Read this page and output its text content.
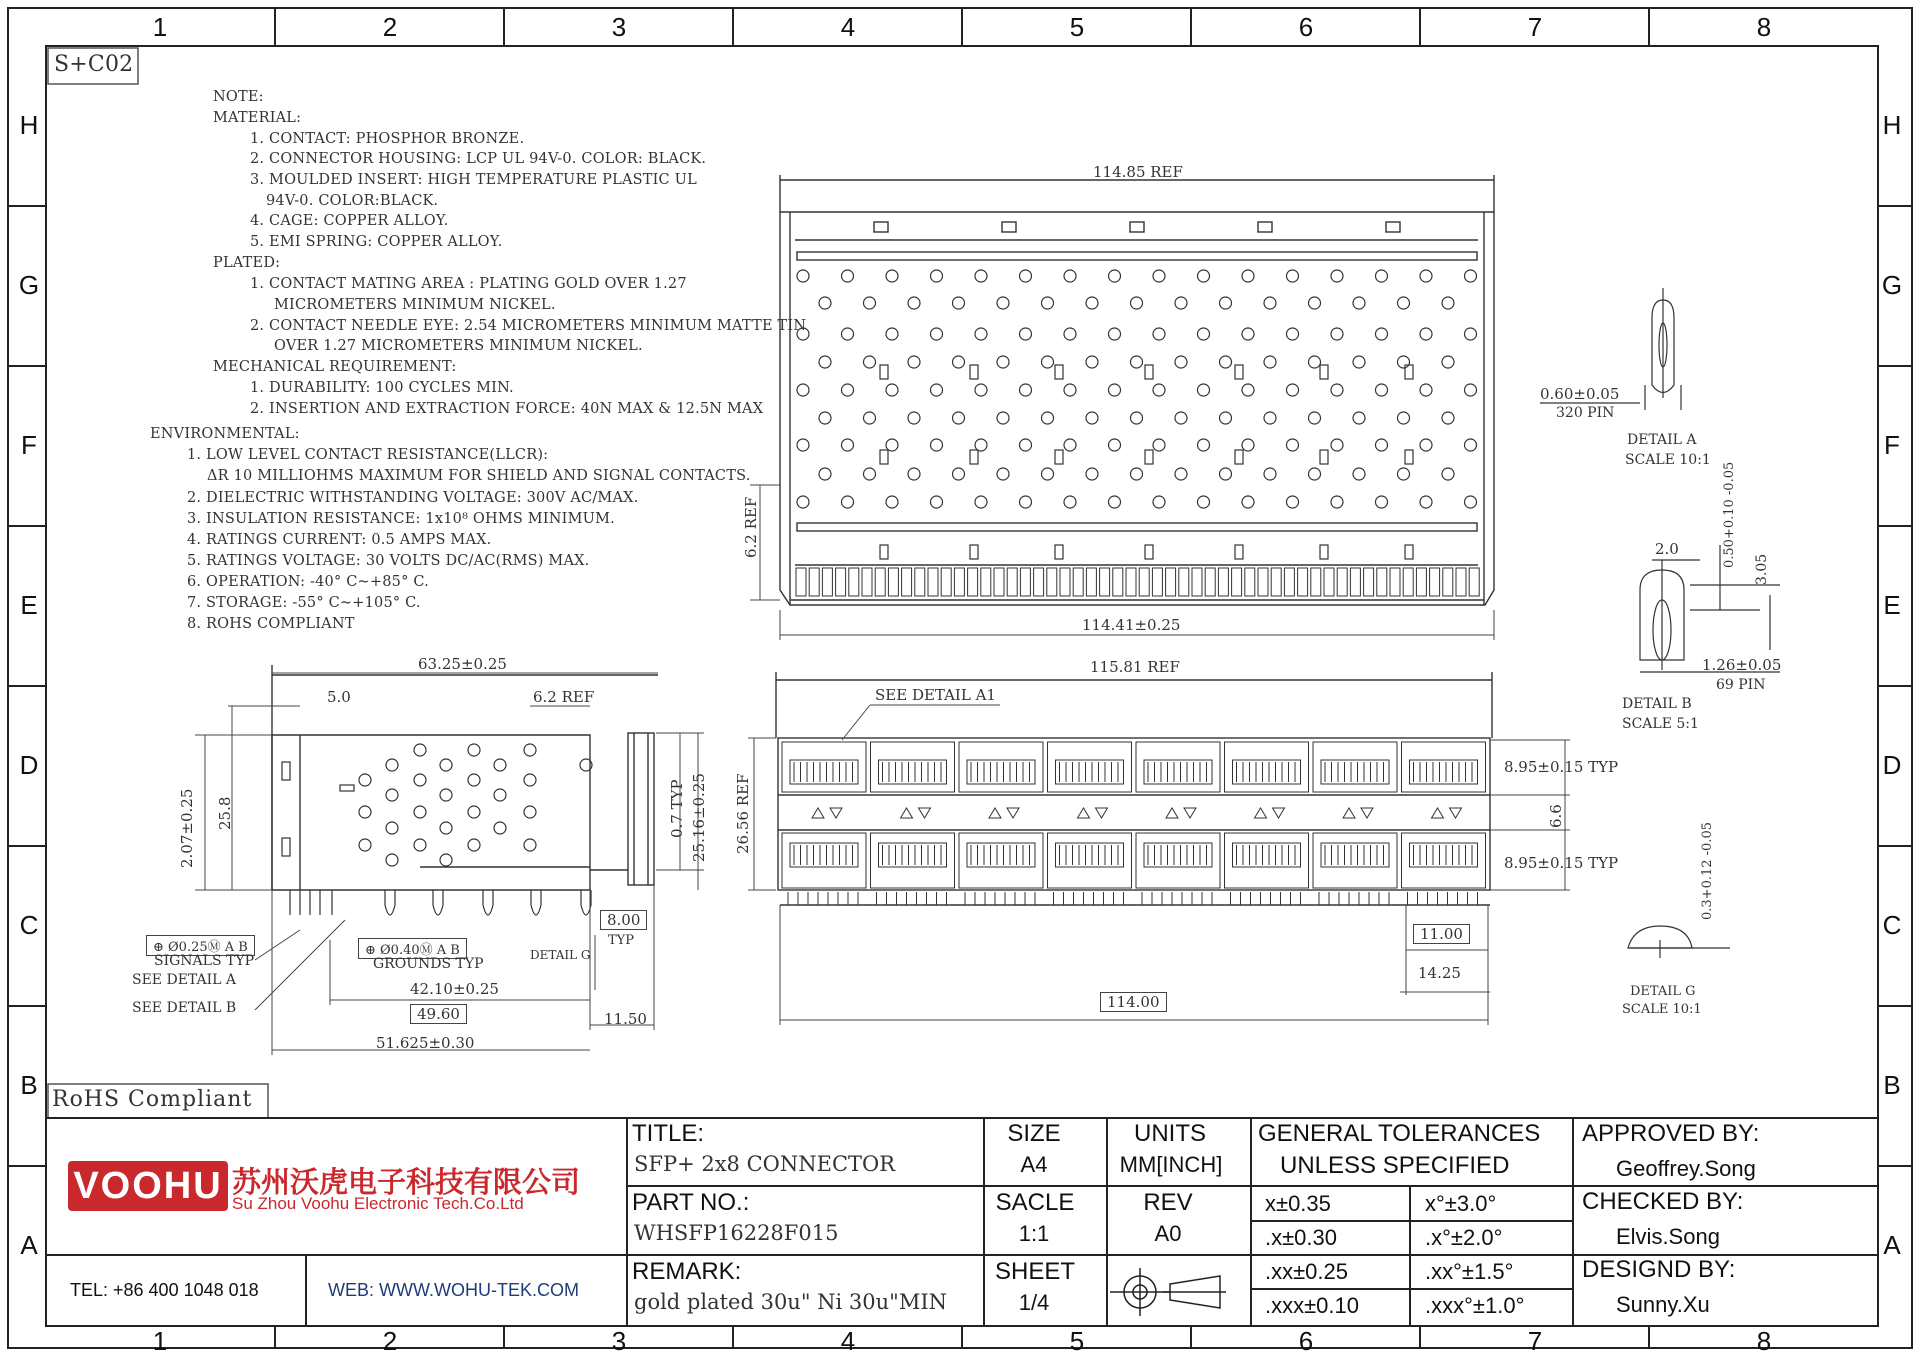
1	2	3	4	5	6	7	8
1	2	3	4	5	6	7	8
H
G
F
E
D
C
B
A
H
G
F
E
D
C
B
A
S+C02
RoHS Compliant
NOTE:
MATERIAL:
1. CONTACT: PHOSPHOR BRONZE.
2. CONNECTOR HOUSING: LCP UL 94V-0. COLOR: BLACK.
3. MOULDED INSERT: HIGH TEMPERATURE PLASTIC UL
94V-0. COLOR:BLACK.
4. CAGE: COPPER ALLOY.
5. EMI SPRING: COPPER ALLOY.
PLATED:
1. CONTACT MATING AREA : PLATING GOLD OVER 1.27
MICROMETERS MINIMUM NICKEL.
2. CONTACT NEEDLE EYE: 2.54 MICROMETERS MINIMUM MATTE TIN
OVER 1.27 MICROMETERS MINIMUM NICKEL.
MECHANICAL REQUIREMENT:
1. DURABILITY: 100 CYCLES MIN.
2. INSERTION AND EXTRACTION FORCE: 40N MAX & 12.5N MAX
ENVIRONMENTAL:
1. LOW LEVEL CONTACT RESISTANCE(LLCR):
ΔR 10 MILLIOHMS MAXIMUM FOR SHIELD AND SIGNAL CONTACTS.
2. DIELECTRIC WITHSTANDING VOLTAGE: 300V AC/MAX.
3. INSULATION RESISTANCE: 1x10⁸ OHMS MINIMUM.
4. RATINGS CURRENT: 0.5 AMPS MAX.
5. RATINGS VOLTAGE: 30 VOLTS DC/AC(RMS) MAX.
6. OPERATION: -40° C~+85° C.
7. STORAGE: -55° C~+105° C.
8. ROHS COMPLIANT
114.85 REF
114.41±0.25
6.2 REF
115.81 REF
SEE DETAIL A1
26.56 REF
8.95±0.15 TYP
6.6
8.95±0.15 TYP
11.00
14.25
114.00
63.25±0.25
5.0	6.2 REF
2.07±0.25 25.8	0.7 TYP 25.16±0.25
⊕ Ø0.25Ⓜ A B
SIGNALS TYP
⊕ Ø0.40Ⓜ A B
GROUNDS TYP
DETAIL G
8.00
TYP
SEE DETAIL A
SEE DETAIL B
42.10±0.25
49.60	11.50
51.625±0.30
0.60±0.05
320 PIN
DETAIL A
SCALE 10:1
2.0	0.50+0.10 -0.05
3.05
1.26±0.05
69 PIN
DETAIL B
SCALE 5:1
0.3+0.12 -0.05
DETAIL G
SCALE 10:1
VOOHU 苏州沃虎电子科技有限公司
Su Zhou Voohu Electronic Tech.Co.Ltd
TEL: +86 400 1048 018	WEB: WWW.WOHU-TEK.COM
TITLE:
SFP+ 2x8 CONNECTOR
PART NO.:
WHSFP16228F015
REMARK:
gold plated 30u" Ni 30u"MIN
SIZE
A4
UNITS
MM[INCH]
SACLE
1:1
REV
A0
SHEET
1/4
GENERAL TOLERANCES
UNLESS SPECIFIED
x±0.35	x°±3.0°
.x±0.30	.x°±2.0°
.xx±0.25	.xx°±1.5°
.xxx±0.10	.xxx°±1.0°
APPROVED BY:
Geoffrey.Song
CHECKED BY:
Elvis.Song
DESIGND BY:
Sunny.Xu
